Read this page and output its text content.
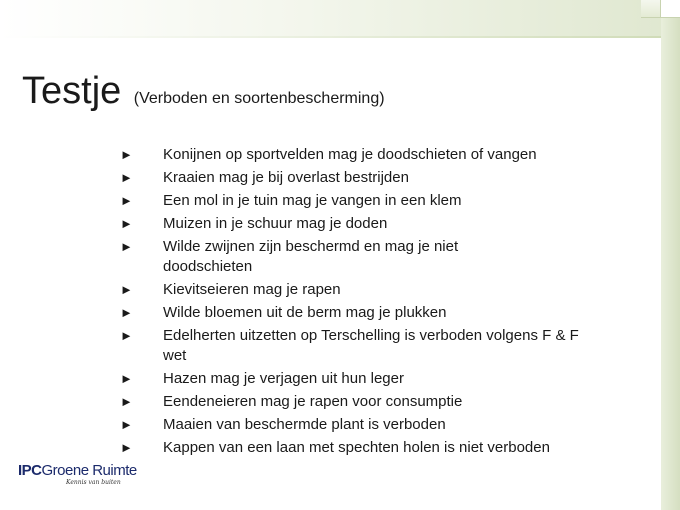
Testje (Verboden en soortenbescherming)
►	Konijnen op sportvelden mag je doodschieten of vangen
►	Kraaien mag je bij overlast bestrijden
►	Een mol in je tuin mag je vangen in een klem
►	Muizen in je schuur mag je doden
►	Wilde zwijnen zijn beschermd en mag je niet doodschieten
►	Kievitseieren mag je rapen
►	Wilde bloemen uit de berm mag je plukken
►	Edelherten uitzetten op Terschelling is verboden volgens F & F wet
►	Hazen mag je verjagen uit hun leger
►	Eendeneieren mag je rapen voor consumptie
►	Maaien van beschermde plant is verboden
►	Kappen van een laan met spechten holen is niet verboden
IPCGroene Ruimte
Kennis van buiten
